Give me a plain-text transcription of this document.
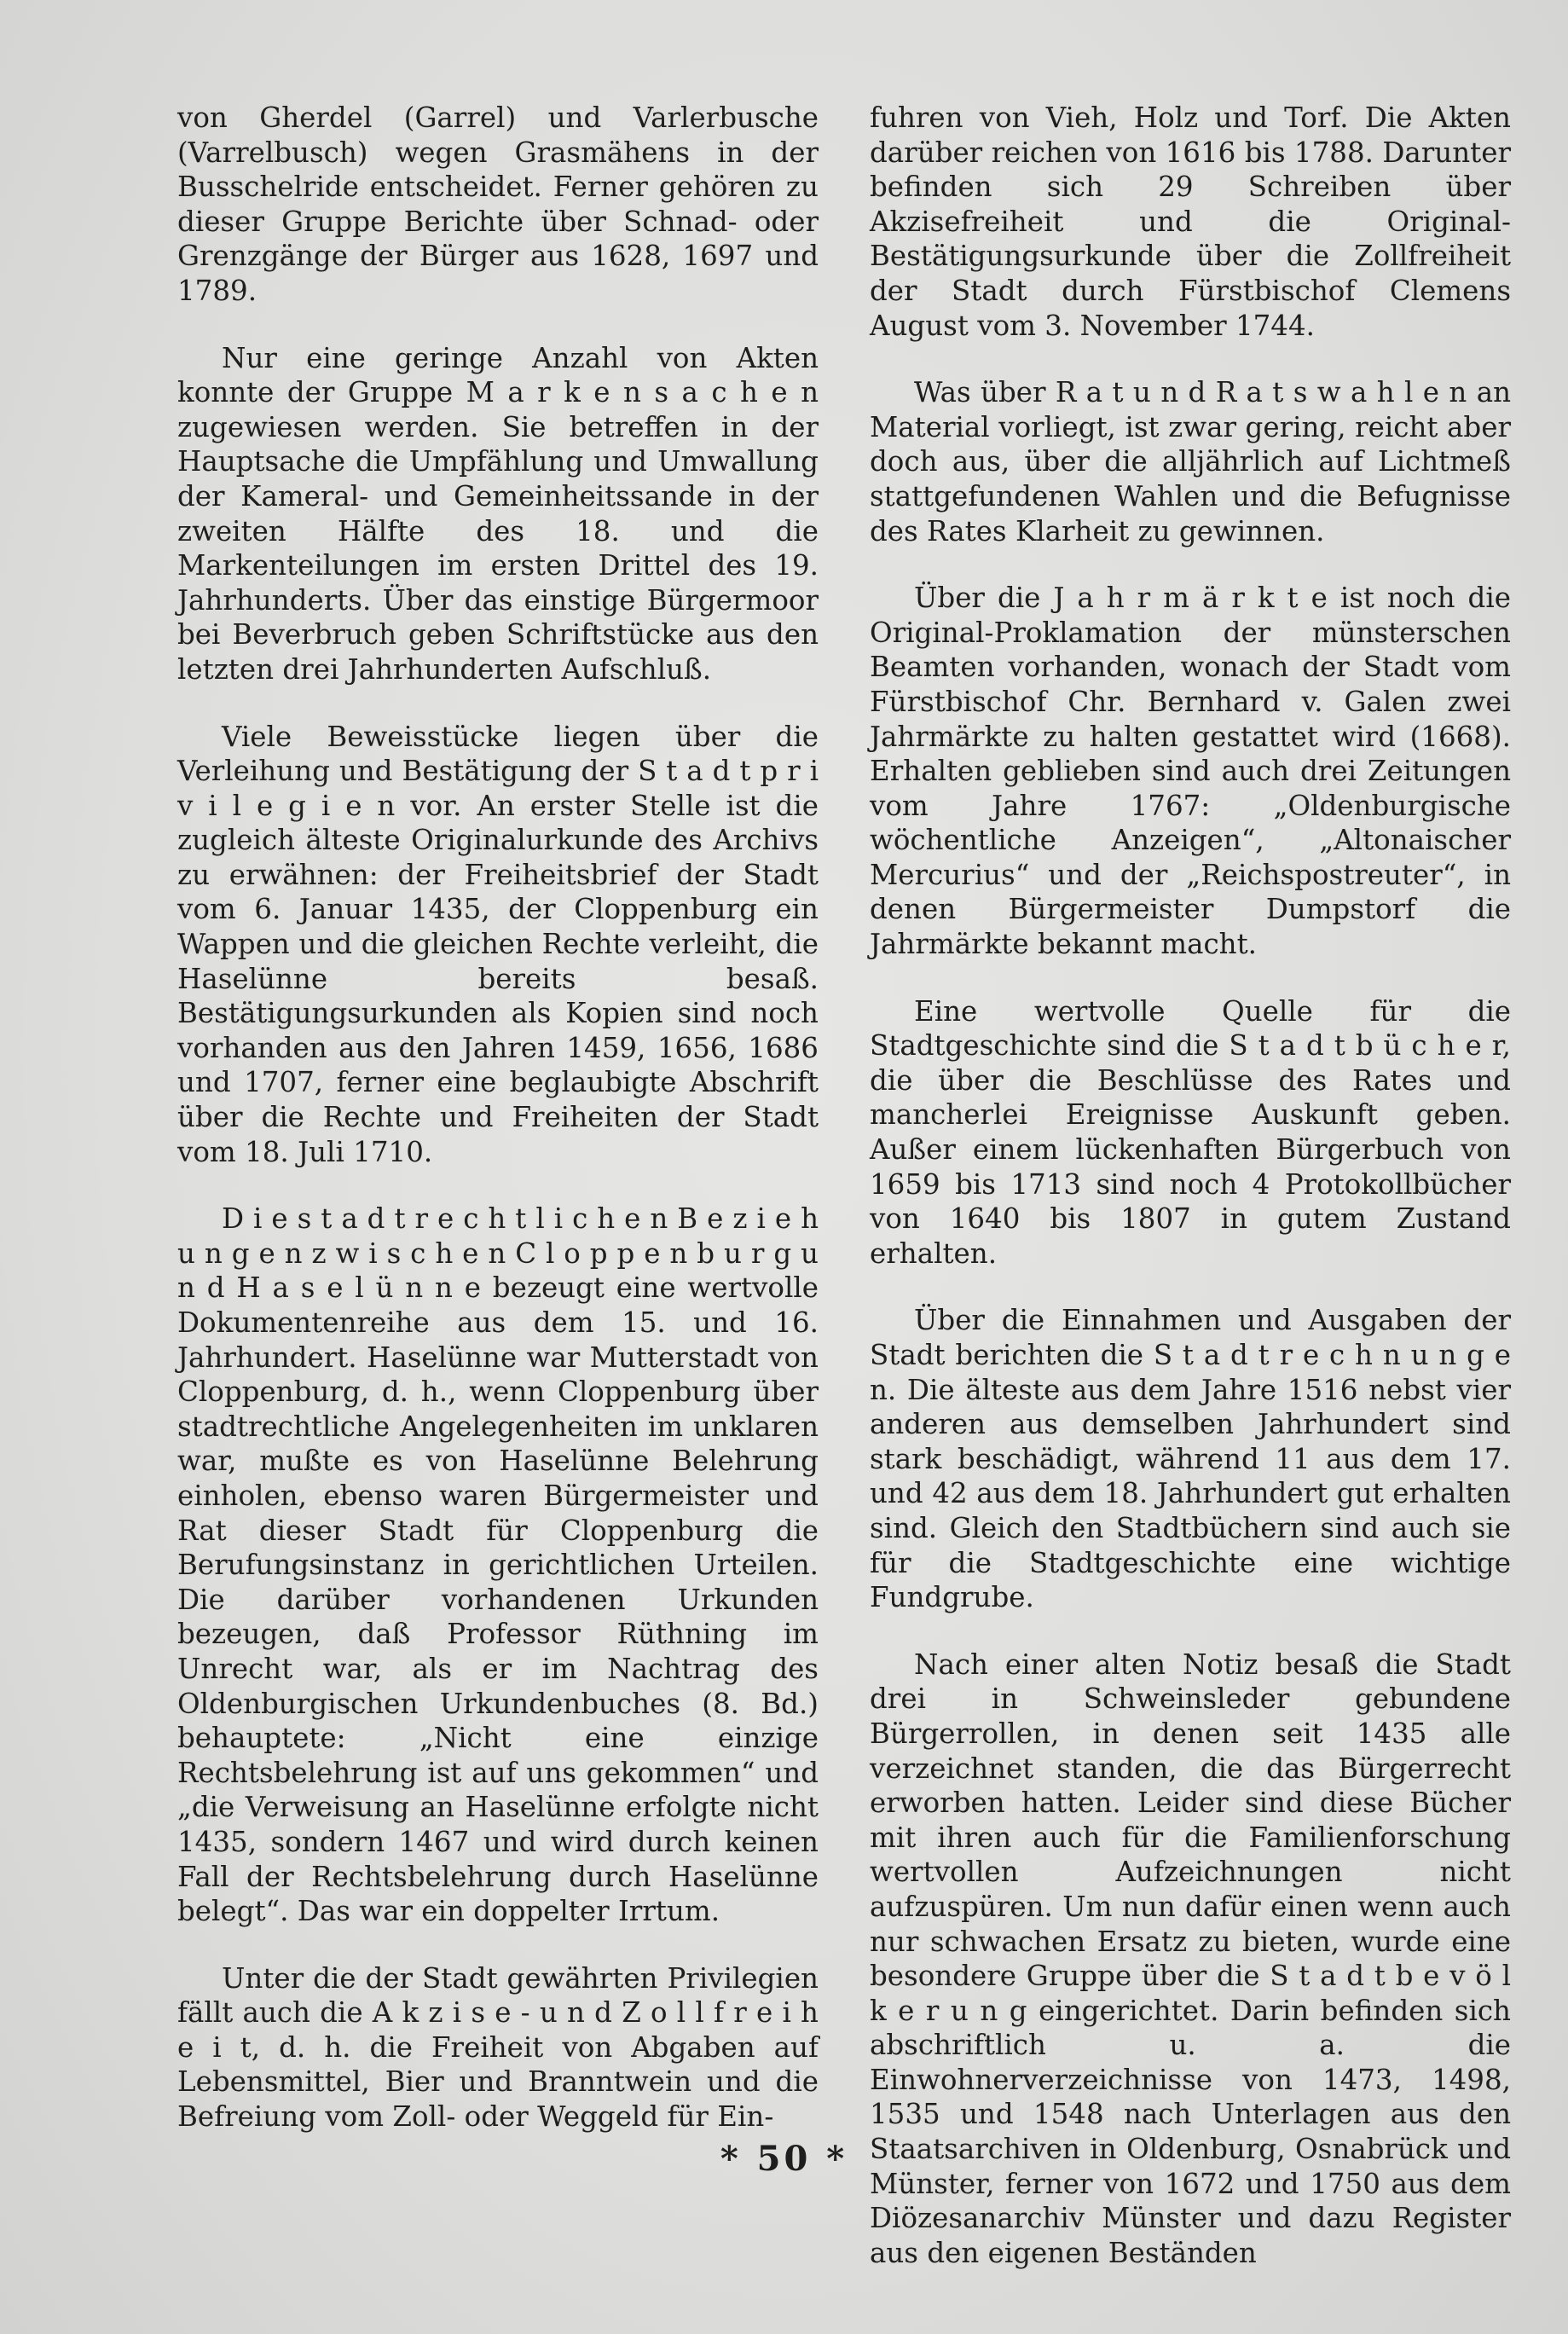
von Gherdel (Garrel) und Varlerbusche (Varrelbusch) wegen Grasmähens in der Busschelride entscheidet. Ferner gehören zu dieser Gruppe Berichte über Schnad- oder Grenzgänge der Bürger aus 1628, 1697 und 1789.

Nur eine geringe Anzahl von Akten konnte der Gruppe M a r k e n s a c h e n zugewiesen werden. Sie betreffen in der Hauptsache die Umpfählung und Umwallung der Kameral- und Gemeinheitssande in der zweiten Hälfte des 18. und die Markenteilungen im ersten Drittel des 19. Jahrhunderts. Über das einstige Bürgermoor bei Beverbruch geben Schriftstücke aus den letzten drei Jahrhunderten Aufschluß.

Viele Beweisstücke liegen über die Verleihung und Bestätigung der S t a d t p r i v i l e g i e n vor. An erster Stelle ist die zugleich älteste Originalurkunde des Archivs zu erwähnen: der Freiheitsbrief der Stadt vom 6. Januar 1435, der Cloppenburg ein Wappen und die gleichen Rechte verleiht, die Haselünne bereits besaß. Bestätigungsurkunden als Kopien sind noch vorhanden aus den Jahren 1459, 1656, 1686 und 1707, ferner eine beglaubigte Abschrift über die Rechte und Freiheiten der Stadt vom 18. Juli 1710.

D i e s t a d t r e c h t l i c h e n B e z i e h u n g e n z w i s c h e n C l o p p e n b u r g u n d H a s e l ü n n e bezeugt eine wertvolle Dokumentenreihe aus dem 15. und 16. Jahrhundert. Haselünne war Mutterstadt von Cloppenburg, d. h., wenn Cloppenburg über stadtrechtliche Angelegenheiten im unklaren war, mußte es von Haselünne Belehrung einholen, ebenso waren Bürgermeister und Rat dieser Stadt für Cloppenburg die Berufungsinstanz in gerichtlichen Urteilen. Die darüber vorhandenen Urkunden bezeugen, daß Professor Rüthning im Unrecht war, als er im Nachtrag des Oldenburgischen Urkundenbuches (8. Bd.) behauptete: „Nicht eine einzige Rechtsbelehrung ist auf uns gekommen“ und „die Verweisung an Haselünne erfolgte nicht 1435, sondern 1467 und wird durch keinen Fall der Rechtsbelehrung durch Haselünne belegt“. Das war ein doppelter Irrtum.

Unter die der Stadt gewährten Privilegien fällt auch die A k z i s e - u n d Z o l l f r e i h e i t, d. h. die Freiheit von Abgaben auf Lebensmittel, Bier und Branntwein und die Befreiung vom Zoll- oder Weggeld für Ein-

fuhren von Vieh, Holz und Torf. Die Akten darüber reichen von 1616 bis 1788. Darunter befinden sich 29 Schreiben über Akzisefreiheit und die Original-Bestätigungsurkunde über die Zollfreiheit der Stadt durch Fürstbischof Clemens August vom 3. November 1744.

Was über R a t u n d R a t s w a h l e n an Material vorliegt, ist zwar gering, reicht aber doch aus, über die alljährlich auf Lichtmeß stattgefundenen Wahlen und die Befugnisse des Rates Klarheit zu gewinnen.

Über die J a h r m ä r k t e ist noch die Original-Proklamation der münsterschen Beamten vorhanden, wonach der Stadt vom Fürstbischof Chr. Bernhard v. Galen zwei Jahrmärkte zu halten gestattet wird (1668). Erhalten geblieben sind auch drei Zeitungen vom Jahre 1767: „Oldenburgische wöchentliche Anzeigen“, „Altonaischer Mercurius“ und der „Reichspostreuter“, in denen Bürgermeister Dumpstorf die Jahrmärkte bekannt macht.

Eine wertvolle Quelle für die Stadtgeschichte sind die S t a d t b ü c h e r, die über die Beschlüsse des Rates und mancherlei Ereignisse Auskunft geben. Außer einem lückenhaften Bürgerbuch von 1659 bis 1713 sind noch 4 Protokollbücher von 1640 bis 1807 in gutem Zustand erhalten.

Über die Einnahmen und Ausgaben der Stadt berichten die S t a d t r e c h n u n g e n. Die älteste aus dem Jahre 1516 nebst vier anderen aus demselben Jahrhundert sind stark beschädigt, während 11 aus dem 17. und 42 aus dem 18. Jahrhundert gut erhalten sind. Gleich den Stadtbüchern sind auch sie für die Stadtgeschichte eine wichtige Fundgrube.

Nach einer alten Notiz besaß die Stadt drei in Schweinsleder gebundene Bürgerrollen, in denen seit 1435 alle verzeichnet standen, die das Bürgerrecht erworben hatten. Leider sind diese Bücher mit ihren auch für die Familienforschung wertvollen Aufzeichnungen nicht aufzuspüren. Um nun dafür einen wenn auch nur schwachen Ersatz zu bieten, wurde eine besondere Gruppe über die S t a d t b e v ö l k e r u n g eingerichtet. Darin befinden sich abschriftlich u. a. die Einwohnerverzeichnisse von 1473, 1498, 1535 und 1548 nach Unterlagen aus den Staatsarchiven in Oldenburg, Osnabrück und Münster, ferner von 1672 und 1750 aus dem Diözesanarchiv Münster und dazu Register aus den eigenen Beständen

* 50 *
